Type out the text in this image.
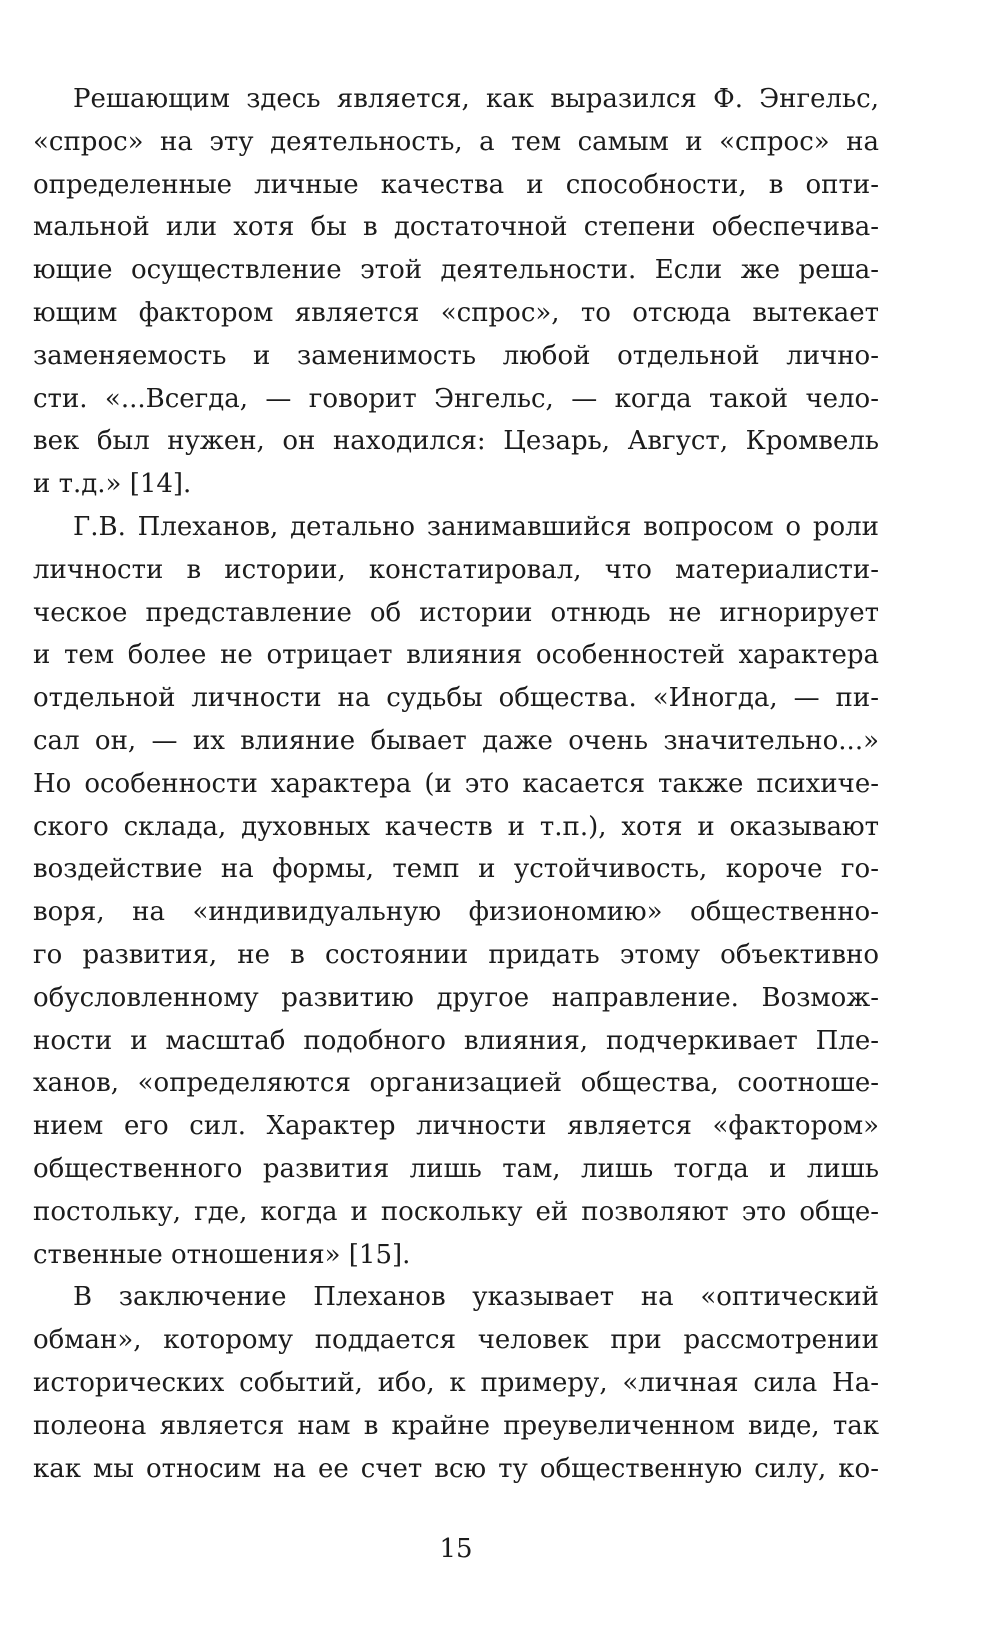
Решающим здесь является, как выразился Ф. Энгельс,
«спрос» на эту деятельность, а тем самым и «спрос» на
определенные личные качества и способности, в опти-
мальной или хотя бы в достаточной степени обеспечива-
ющие осуществление этой деятельности. Если же реша-
ющим фактором является «спрос», то отсюда вытекает
заменяемость и заменимость любой отдельной лично-
сти. «...Всегда, — говорит Энгельс, — когда такой чело-
век был нужен, он находился: Цезарь, Август, Кромвель
и т.д.» [14].
Г.В. Плеханов, детально занимавшийся вопросом о роли
личности в истории, констатировал, что материалисти-
ческое представление об истории отнюдь не игнорирует
и тем более не отрицает влияния особенностей характера
отдельной личности на судьбы общества. «Иногда, — пи-
сал он, — их влияние бывает даже очень значительно...»
Но особенности характера (и это касается также психиче-
ского склада, духовных качеств и т.п.), хотя и оказывают
воздействие на формы, темп и устойчивость, короче го-
воря, на «индивидуальную физиономию» общественно-
го развития, не в состоянии придать этому объективно
обусловленному развитию другое направление. Возмож-
ности и масштаб подобного влияния, подчеркивает Пле-
ханов, «определяются организацией общества, соотноше-
нием его сил. Характер личности является «фактором»
общественного развития лишь там, лишь тогда и лишь
постольку, где, когда и поскольку ей позволяют это обще-
ственные отношения» [15].
В заключение Плеханов указывает на «оптический
обман», которому поддается человек при рассмотрении
исторических событий, ибо, к примеру, «личная сила На-
полеона является нам в крайне преувеличенном виде, так
как мы относим на ее счет всю ту общественную силу, ко-
15
